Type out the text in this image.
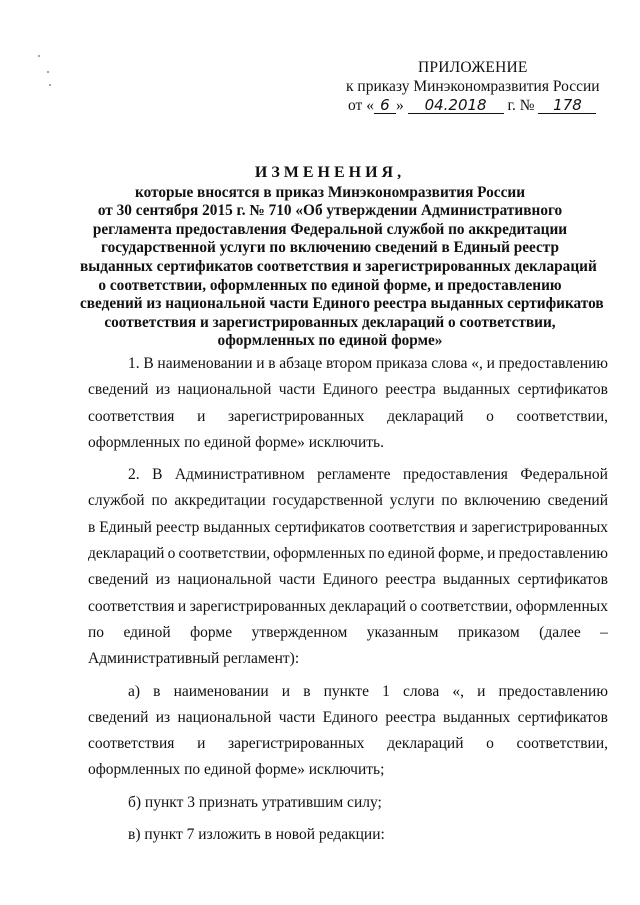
ПРИЛОЖЕНИЕ
к приказу Минэкономразвития России
от « 6 » 04.2018 г. № 178
ИЗМЕНЕНИЯ,
которые вносятся в приказ Минэкономразвития России
от 30 сентября 2015 г. № 710 «Об утверждении Административного
регламента предоставления Федеральной службой по аккредитации
государственной услуги по включению сведений в Единый реестр
выданных сертификатов соответствия и зарегистрированных деклараций
о соответствии, оформленных по единой форме, и предоставлению
сведений из национальной части Единого реестра выданных сертификатов
соответствия и зарегистрированных деклараций о соответствии,
оформленных по единой форме»
1. В наименовании и в абзаце втором приказа слова «, и предоставлению
сведений из национальной части Единого реестра выданных сертификатов
соответствия и зарегистрированных деклараций о соответствии,
оформленных по единой форме» исключить.
2. В Административном регламенте предоставления Федеральной
службой по аккредитации государственной услуги по включению сведений
в Единый реестр выданных сертификатов соответствия и зарегистрированных
деклараций о соответствии, оформленных по единой форме, и предоставлению
сведений из национальной части Единого реестра выданных сертификатов
соответствия и зарегистрированных деклараций о соответствии, оформленных
по единой форме утвержденном указанным приказом (далее –
Административный регламент):
а) в наименовании и в пункте 1 слова «, и предоставлению
сведений из национальной части Единого реестра выданных сертификатов
соответствия и зарегистрированных деклараций о соответствии,
оформленных по единой форме» исключить;
б) пункт 3 признать утратившим силу;
в) пункт 7 изложить в новой редакции:
